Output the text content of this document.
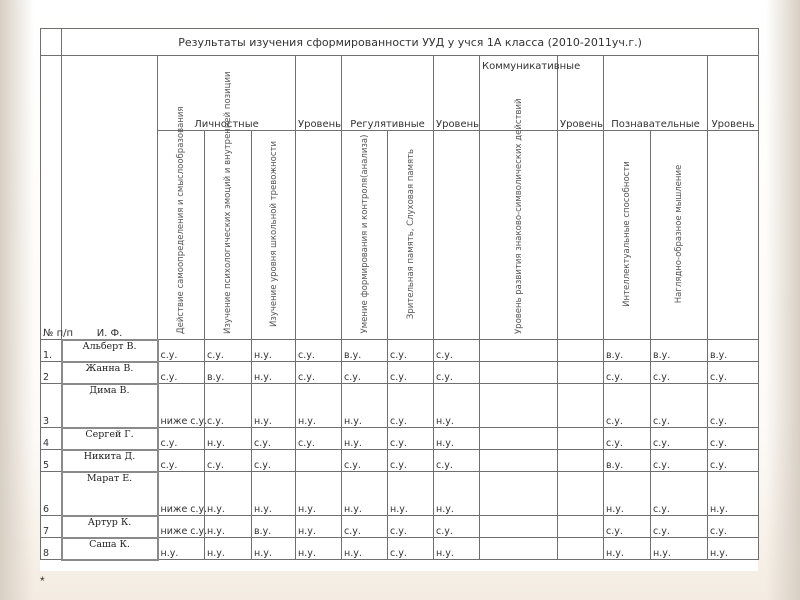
	Результаты изучения сформированности УУД у учся 1А класса (2010-2011уч.г.)												
№ п/п	И. Ф.	Личностные			Уровень	Регулятивные		Уровень	Коммуникативные	Уровень	Познавательные		Уровень

		Действие самоопределения и смыслообразования	Изучение психологических эмоций и внутренней позиции	Изучение уровня школьной тревожности		Умение формирования и контроля(анализа)	Зрительная память, Слуховая память		Уровень развития знаково-символических действий		Интеллектуальные способности	Наглядно-образное мышление	

1.	Альберт В.	с.у.	с.у.	н.у.	с.у.	в.у.	с.у.	с.у.			в.у.	в.у.	в.у.
2	Жанна В.	с.у.	в.у.	н.у.	с.у.	с.у.	с.у.	с.у.			с.у.	с.у.	с.у.
3	Дима В.	ниже с.у.	с.у.	н.у.	н.у.	н.у.	с.у.	н.у.			с.у.	с.у.	с.у.
4	Сергей Г.	с.у.	н.у.	с.у.	с.у.	н.у.	с.у.	н.у.			с.у.	с.у.	с.у.
5	Никита Д.	с.у.	с.у.	с.у.		с.у.	с.у.	с.у.			в.у.	с.у.	с.у.
6	Марат Е.	ниже с.у.	н.у.	н.у.	н.у.	н.у.	н.у.	н.у.			н.у.	с.у.	н.у.
7	Артур К.	ниже с.у.	н.у.	в.у.	н.у.	с.у.	с.у.	с.у.			с.у.	с.у.	с.у.
8	Саша К.	н.у.	н.у.	н.у.	н.у.	н.у.	с.у.	н.у.			н.у.	н.у.	н.у.
*
